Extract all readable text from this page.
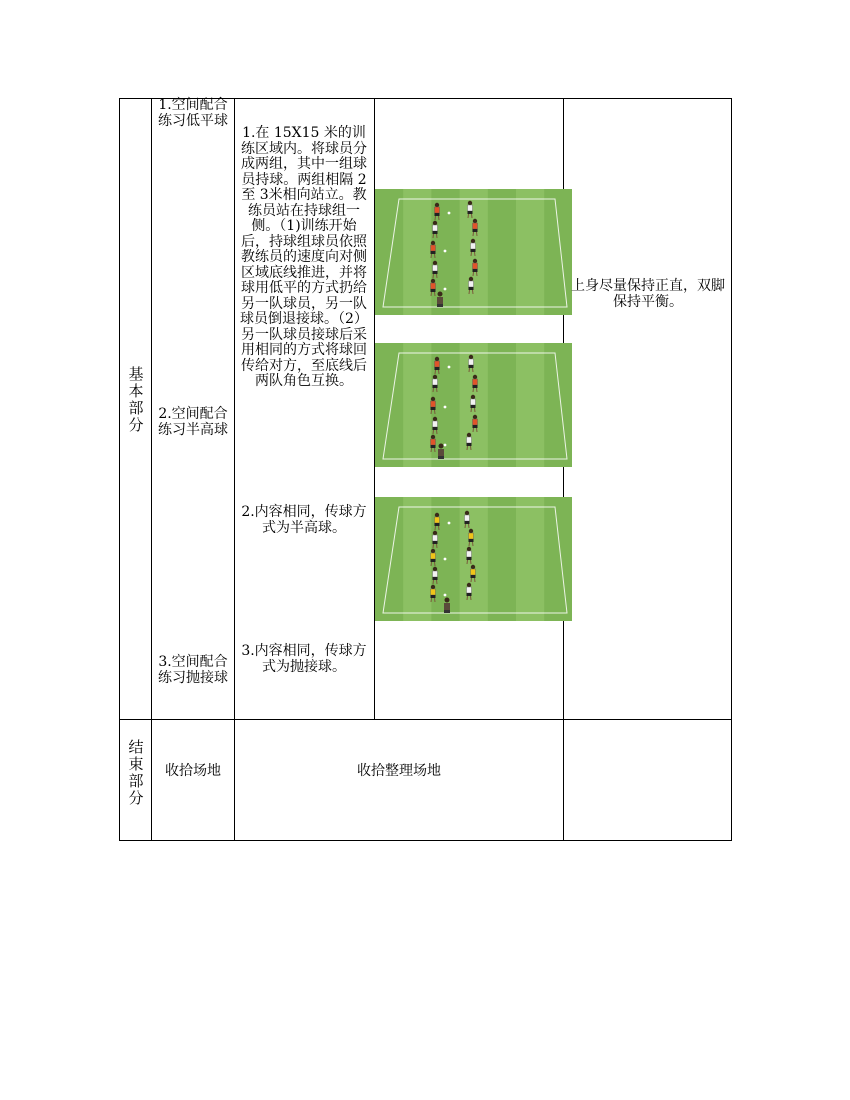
基本部分
结束部分
1.空间配合练习低平球
2.空间配合练习半高球
3.空间配合练习抛接球
1.在 15X15 米的训练区域内。将球员分成两组，其中一组球员持球。两组相隔 2至 3米相向站立。教练员站在持球组一侧。（1)训练开始后，持球组球员依照教练员的速度向对侧区域底线推进，并将球用低平的方式扔给另一队球员，另一队球员倒退接球。（2）另一队球员接球后采用相同的方式将球回传给对方，至底线后两队角色互换。
2.内容相同，传球方式为半高球。
3.内容相同，传球方式为抛接球。
上身尽量保持正直，双脚保持平衡。
收拾场地	收拾整理场地
